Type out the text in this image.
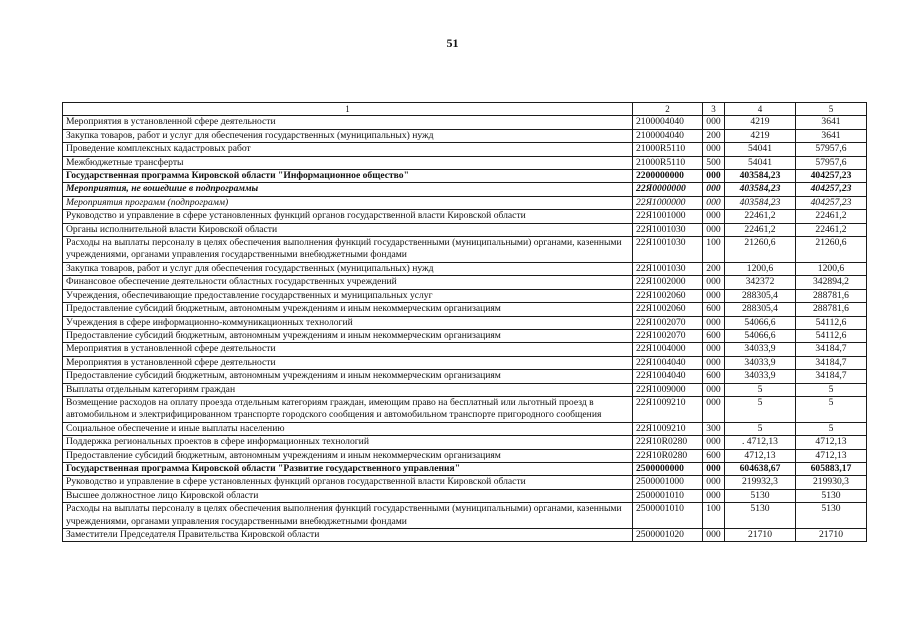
51
1	2	3	4	5
Мероприятия в установленной сфере деятельности	2100004040	000	4219	3641
Закупка товаров, работ и услуг для обеспечения государственных (муниципальных) нужд	2100004040	200	4219	3641
Проведение комплексных кадастровых работ	21000R5110	000	54041	57957,6
Межбюджетные трансферты	21000R5110	500	54041	57957,6
Государственная программа Кировской области "Информационное общество"	2200000000	000	403584,23	404257,23
Мероприятия, не вошедшие в подпрограммы	22Я0000000	000	403584,23	404257,23
Мероприятия программ (подпрограмм)	22Я1000000	000	403584,23	404257,23
Руководство и управление в сфере установленных функций органов государственной власти Кировской области	22Я1001000	000	22461,2	22461,2
Органы исполнительной власти Кировской области	22Я1001030	000	22461,2	22461,2
Расходы на выплаты персоналу в целях обеспечения выполнения функций государственными (муниципальными) органами, казенными учреждениями, органами управления государственными внебюджетными фондами	22Я1001030	100	21260,6	21260,6
Закупка товаров, работ и услуг для обеспечения государственных (муниципальных) нужд	22Я1001030	200	1200,6	1200,6
Финансовое обеспечение деятельности областных государственных учреждений	22Я1002000	000	342372	342894,2
Учреждения, обеспечивающие предоставление государственных и муниципальных услуг	22Я1002060	000	288305,4	288781,6
Предоставление субсидий бюджетным, автономным учреждениям и иным некоммерческим организациям	22Я1002060	600	288305,4	288781,6
Учреждения в сфере информационно-коммуникационных технологий	22Я1002070	000	54066,6	54112,6
Предоставление субсидий бюджетным, автономным учреждениям и иным некоммерческим организациям	22Я1002070	600	54066,6	54112,6
Мероприятия в установленной сфере деятельности	22Я1004000	000	34033,9	34184,7
Мероприятия в установленной сфере деятельности	22Я1004040	000	34033,9	34184,7
Предоставление субсидий бюджетным, автономным учреждениям и иным некоммерческим организациям	22Я1004040	600	34033,9	34184,7
Выплаты отдельным категориям граждан	22Я1009000	000	5	5
Возмещение расходов на оплату проезда отдельным категориям граждан, имеющим право на бесплатный или льготный проезд в автомобильном и электрифицированном транспорте городского сообщения и автомобильном транспорте пригородного сообщения	22Я1009210	000	5	5
Социальное обеспечение и иные выплаты населению	22Я1009210	300	5	5
Поддержка региональных проектов в сфере информационных технологий	22Я10R0280	000	. 4712,13	4712,13
Предоставление субсидий бюджетным, автономным учреждениям и иным некоммерческим организациям	22Я10R0280	600	4712,13	4712,13
Государственная программа Кировской области "Развитие государственного управления"	2500000000	000	604638,67	605883,17
Руководство и управление в сфере установленных функций органов государственной власти Кировской области	2500001000	000	219932,3	219930,3
Высшее должностное лицо Кировской области	2500001010	000	5130	5130
Расходы на выплаты персоналу в целях обеспечения выполнения функций государственными (муниципальными) органами, казенными учреждениями, органами управления государственными внебюджетными фондами	2500001010	100	5130	5130
Заместители Председателя Правительства Кировской области	2500001020	000	21710	21710
